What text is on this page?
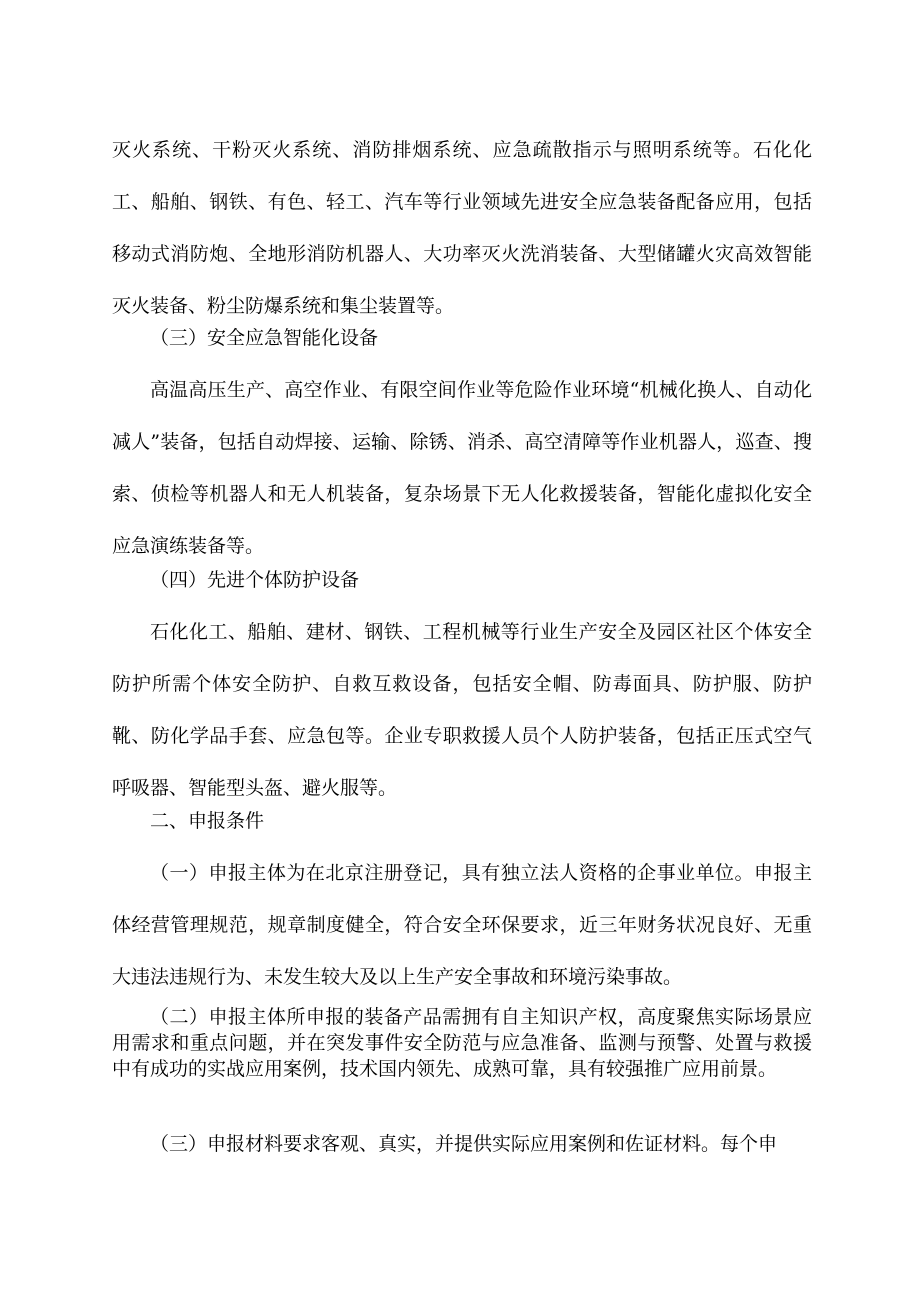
灭火系统、干粉灭火系统、消防排烟系统、应急疏散指示与照明系统等。石化化工、船舶、钢铁、有色、轻工、汽车等行业领域先进安全应急装备配备应用，包括移动式消防炮、全地形消防机器人、大功率灭火洗消装备、大型储罐火灾高效智能灭火装备、粉尘防爆系统和集尘装置等。

（三）安全应急智能化设备

高温高压生产、高空作业、有限空间作业等危险作业环境“机械化换人、自动化减人”装备，包括自动焊接、运输、除锈、消杀、高空清障等作业机器人，巡查、搜索、侦检等机器人和无人机装备，复杂场景下无人化救援装备，智能化虚拟化安全应急演练装备等。

（四）先进个体防护设备

石化化工、船舶、建材、钢铁、工程机械等行业生产安全及园区社区个体安全防护所需个体安全防护、自救互救设备，包括安全帽、防毒面具、防护服、防护靴、防化学品手套、应急包等。企业专职救援人员个人防护装备，包括正压式空气呼吸器、智能型头盔、避火服等。

二、申报条件

（一）申报主体为在北京注册登记，具有独立法人资格的企事业单位。申报主体经营管理规范，规章制度健全，符合安全环保要求，近三年财务状况良好、无重大违法违规行为、未发生较大及以上生产安全事故和环境污染事故。

（二）申报主体所申报的装备产品需拥有自主知识产权，高度聚焦实际场景应用需求和重点问题，并在突发事件安全防范与应急准备、监测与预警、处置与救援中有成功的实战应用案例，技术国内领先、成熟可靠，具有较强推广应用前景。

（三）申报材料要求客观、真实，并提供实际应用案例和佐证材料。每个申
